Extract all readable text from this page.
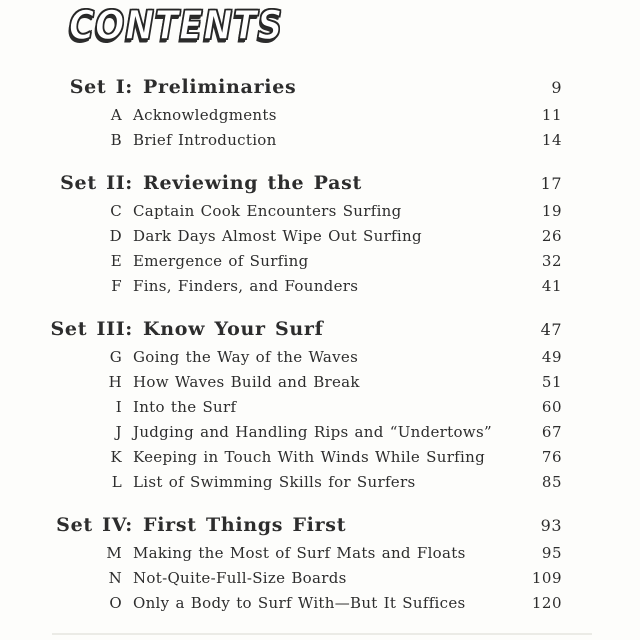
CONTENTS
Set I: Preliminaries	9
A Acknowledgments	11
B Brief Introduction	14
Set II: Reviewing the Past	17
C Captain Cook Encounters Surfing	19
D Dark Days Almost Wipe Out Surfing	26
E Emergence of Surfing	32
F Fins, Finders, and Founders	41
Set III: Know Your Surf	47
G Going the Way of the Waves	49
H How Waves Build and Break	51
I Into the Surf	60
J Judging and Handling Rips and “Undertows”	67
K Keeping in Touch With Winds While Surfing	76
L List of Swimming Skills for Surfers	85
Set IV: First Things First	93
M Making the Most of Surf Mats and Floats	95
N Not-Quite-Full-Size Boards	109
O Only a Body to Surf With—But It Suffices	120
